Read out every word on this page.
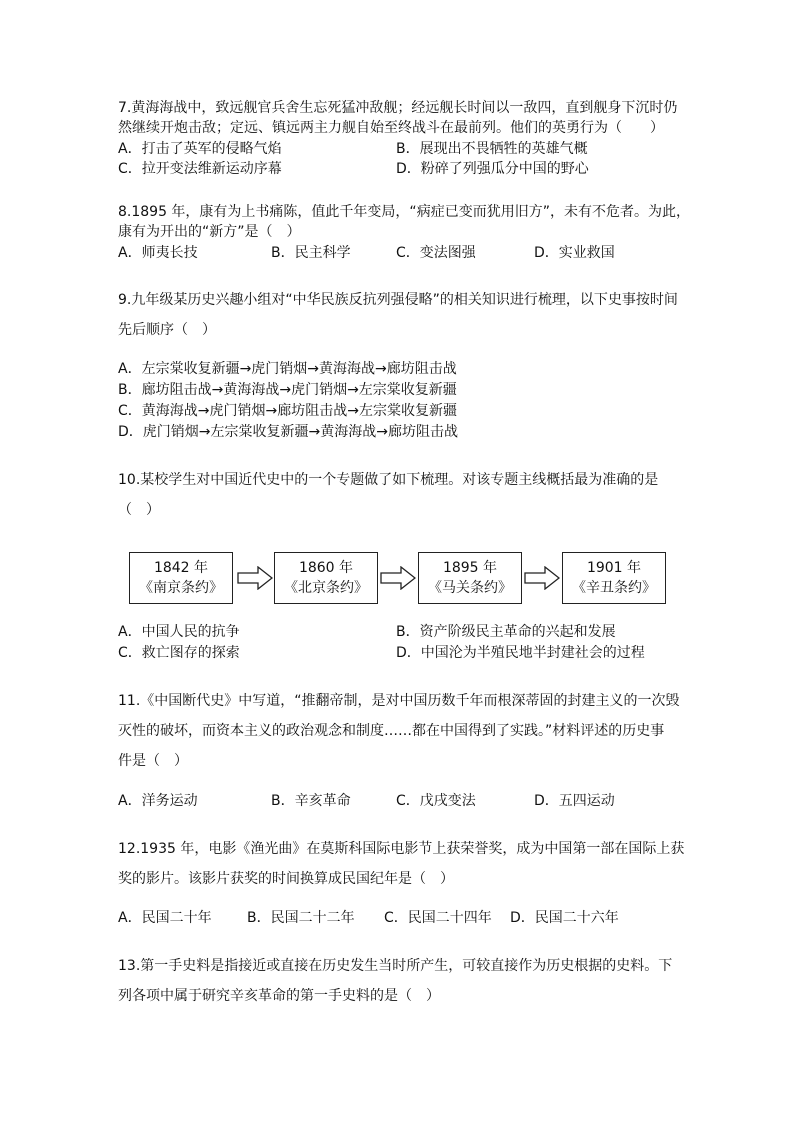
7.黄海海战中，致远舰官兵舍生忘死猛冲敌舰；经远舰长时间以一敌四，直到舰身下沉时仍
然继续开炮击敌；定远、镇远两主力舰自始至终战斗在最前列。他们的英勇行为（　　）
A．打击了英军的侵略气焰	B．展现出不畏牺牲的英雄气概
C．拉开变法维新运动序幕	D．粉碎了列强瓜分中国的野心
8.1895 年，康有为上书痛陈，值此千年变局，“病症已变而犹用旧方”，未有不危者。为此，
康有为开出的“新方”是（　）
A．师夷长技	B．民主科学	C．变法图强	D．实业救国
9.九年级某历史兴趣小组对“中华民族反抗列强侵略”的相关知识进行梳理，以下史事按时间
先后顺序（　）
A．左宗棠收复新疆→虎门销烟→黄海海战→廊坊阻击战
B．廊坊阻击战→黄海海战→虎门销烟→左宗棠收复新疆
C．黄海海战→虎门销烟→廊坊阻击战→左宗棠收复新疆
D．虎门销烟→左宗棠收复新疆→黄海海战→廊坊阻击战
10.某校学生对中国近代史中的一个专题做了如下梳理。对该专题主线概括最为准确的是
（　）
1842 年
《南京条约》
1860 年
《北京条约》
1895 年
《马关条约》
1901 年
《辛丑条约》
A．中国人民的抗争	B．资产阶级民主革命的兴起和发展
C．救亡图存的探索	D．中国沦为半殖民地半封建社会的过程
11.《中国断代史》中写道，“推翻帝制，是对中国历数千年而根深蒂固的封建主义的一次毁
灭性的破坏，而资本主义的政治观念和制度……都在中国得到了实践。”材料评述的历史事
件是（　）
A．洋务运动	B．辛亥革命	C．戊戌变法	D．五四运动
12.1935 年，电影《渔光曲》在莫斯科国际电影节上获荣誉奖，成为中国第一部在国际上获
奖的影片。该影片获奖的时间换算成民国纪年是（　）
A．民国二十年	B．民国二十二年 C．民国二十四年 D．民国二十六年
13.第一手史料是指接近或直接在历史发生当时所产生，可较直接作为历史根据的史料。下
列各项中属于研究辛亥革命的第一手史料的是（　）
